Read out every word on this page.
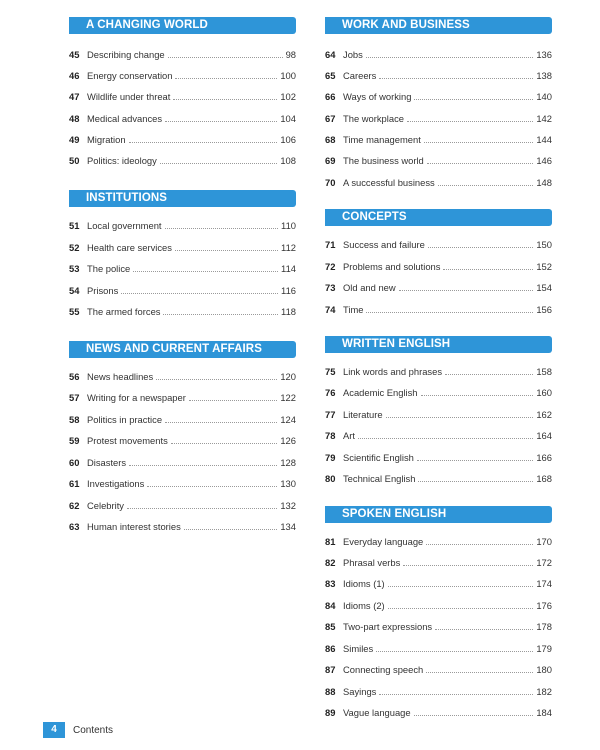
A CHANGING WORLD
45 Describing change	98
46 Energy conservation	100
47 Wildlife under threat	102
48 Medical advances	104
49 Migration	106
50 Politics: ideology	108
INSTITUTIONS
51 Local government	110
52 Health care services	112
53 The police	114
54 Prisons	116
55 The armed forces	118
NEWS AND CURRENT AFFAIRS
56 News headlines	120
57 Writing for a newspaper	122
58 Politics in practice	124
59 Protest movements	126
60 Disasters	128
61 Investigations	130
62 Celebrity	132
63 Human interest stories	134
WORK AND BUSINESS
64 Jobs	136
65 Careers	138
66 Ways of working	140
67 The workplace	142
68 Time management	144
69 The business world	146
70 A successful business	148
CONCEPTS
71 Success and failure	150
72 Problems and solutions	152
73 Old and new	154
74 Time	156
WRITTEN ENGLISH
75 Link words and phrases	158
76 Academic English	160
77 Literature	162
78 Art	164
79 Scientific English	166
80 Technical English	168
SPOKEN ENGLISH
81 Everyday language	170
82 Phrasal verbs	172
83 Idioms (1)	174
84 Idioms (2)	176
85 Two-part expressions	178
86 Similes	179
87 Connecting speech	180
88 Sayings	182
89 Vague language	184
4	Contents
